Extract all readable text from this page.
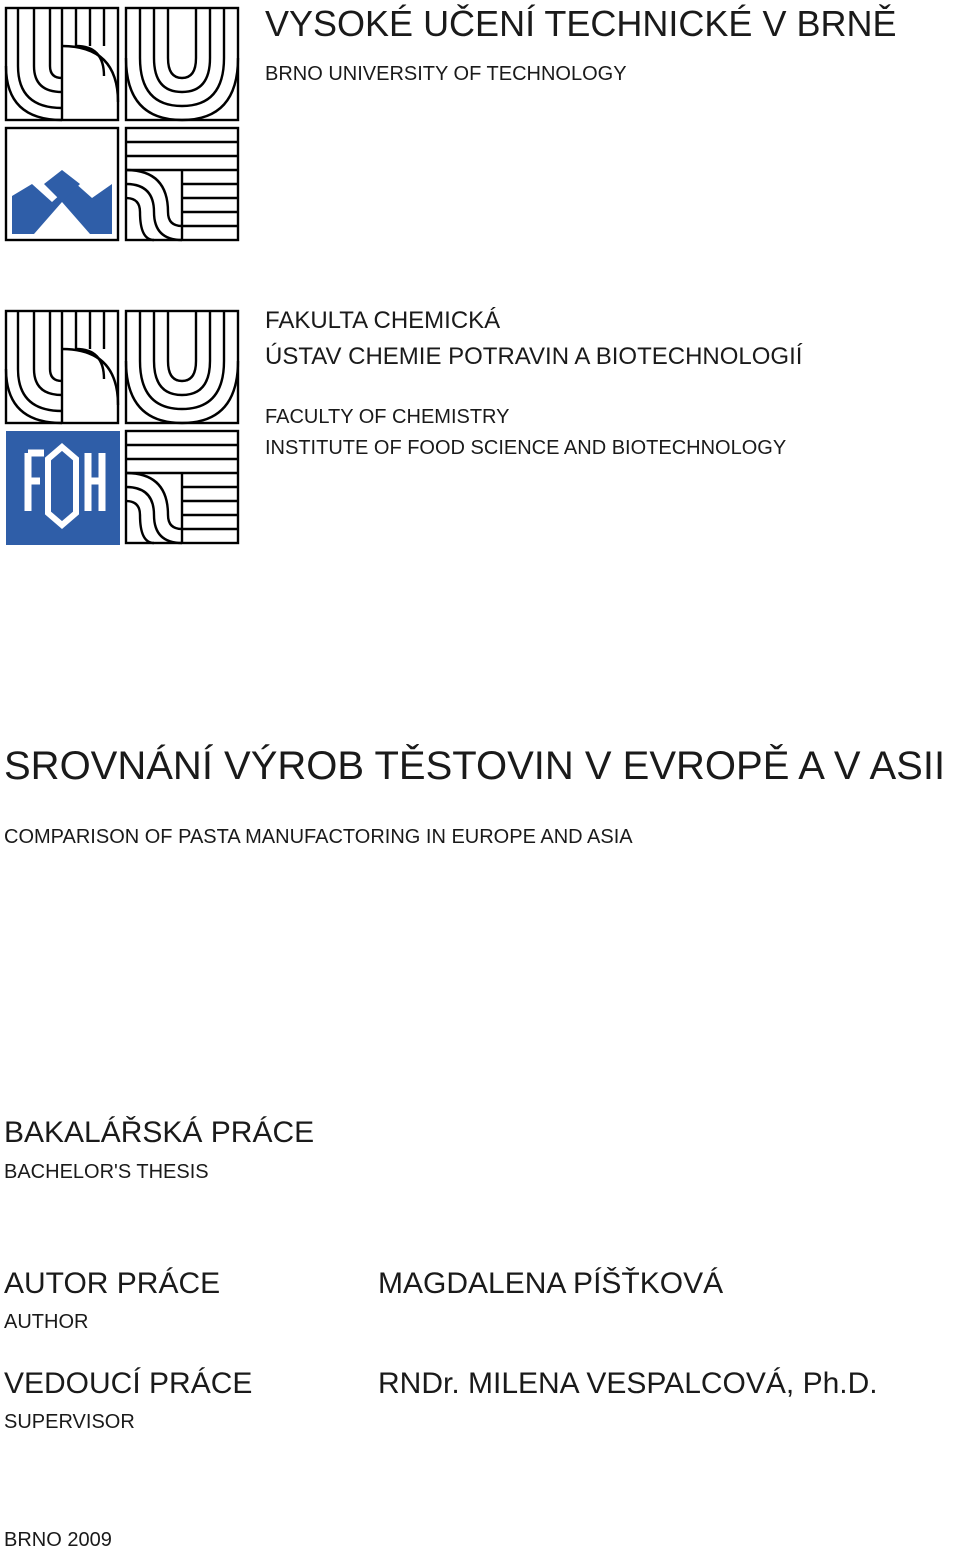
VYSOKÉ UČENÍ TECHNICKÉ V BRNĚ
BRNO UNIVERSITY OF TECHNOLOGY
FAKULTA CHEMICKÁ
ÚSTAV CHEMIE POTRAVIN A BIOTECHNOLOGIÍ
FACULTY OF CHEMISTRY
INSTITUTE OF FOOD SCIENCE AND BIOTECHNOLOGY
SROVNÁNÍ VÝROB TĚSTOVIN V EVROPĚ A V ASII
COMPARISON OF PASTA MANUFACTORING IN EUROPE AND ASIA
BAKALÁŘSKÁ PRÁCE
BACHELOR'S THESIS
AUTOR PRÁCE
AUTHOR
MAGDALENA PÍŠŤKOVÁ
VEDOUCÍ PRÁCE
SUPERVISOR
RNDr. MILENA VESPALCOVÁ, Ph.D.
BRNO 2009
